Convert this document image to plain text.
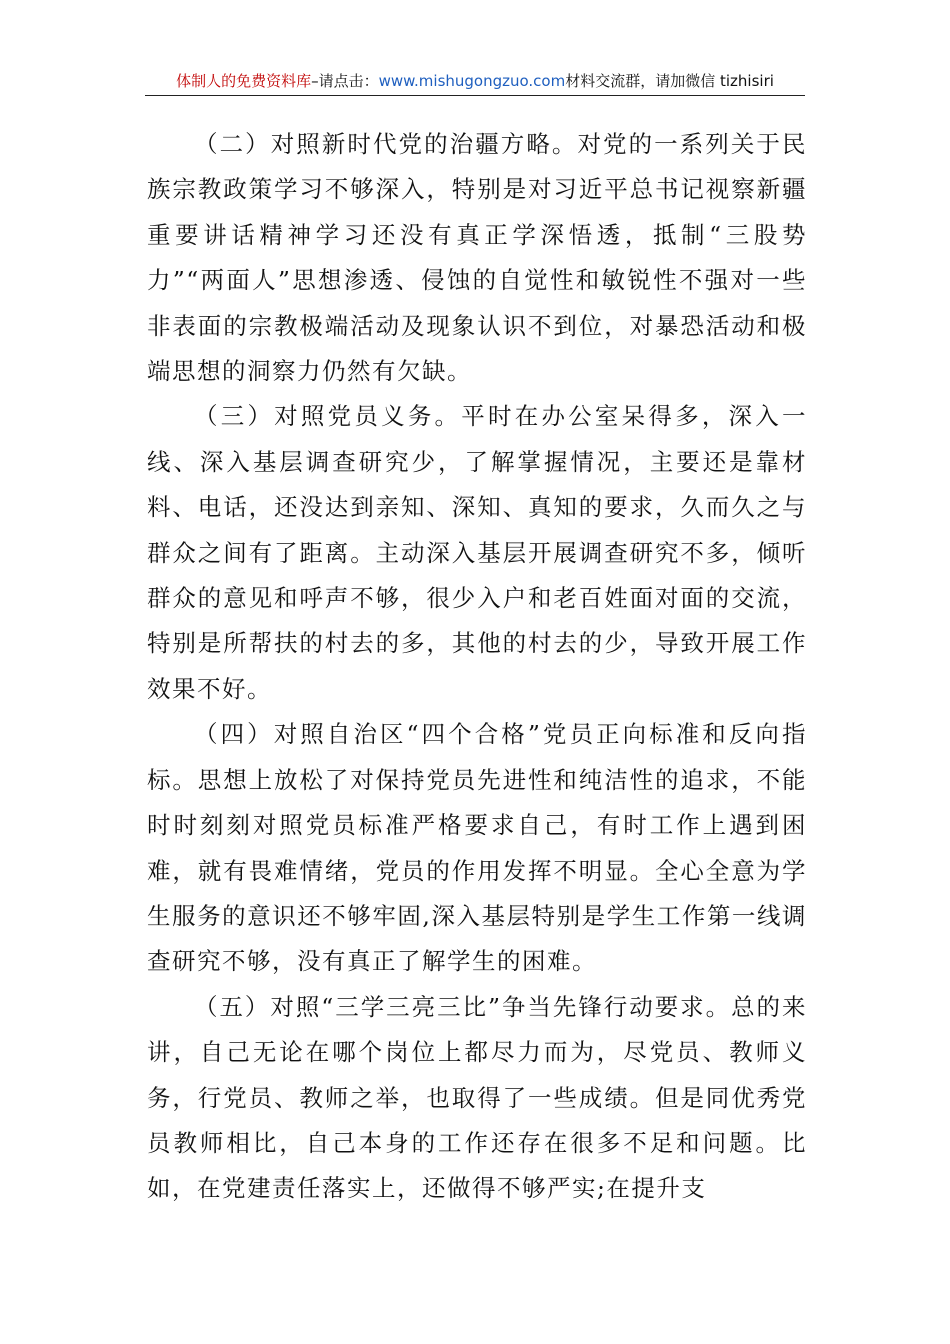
体制人的免费资料库–请点击：www.mishugongzuo.com材料交流群，请加微信 tizhisiri

（二）对照新时代党的治疆方略。对党的一系列关于民族宗教政策学习不够深入，特别是对习近平总书记视察新疆重要讲话精神学习还没有真正学深悟透，抵制“三股势力”“两面人”思想渗透、侵蚀的自觉性和敏锐性不强对一些非表面的宗教极端活动及现象认识不到位，对暴恐活动和极端思想的洞察力仍然有欠缺。

（三）对照党员义务。平时在办公室呆得多，深入一线、深入基层调查研究少，了解掌握情况，主要还是靠材料、电话，还没达到亲知、深知、真知的要求，久而久之与群众之间有了距离。主动深入基层开展调查研究不多，倾听群众的意见和呼声不够，很少入户和老百姓面对面的交流，特别是所帮扶的村去的多，其他的村去的少，导致开展工作效果不好。

（四）对照自治区“四个合格”党员正向标准和反向指标。思想上放松了对保持党员先进性和纯洁性的追求，不能时时刻刻对照党员标准严格要求自己，有时工作上遇到困难，就有畏难情绪，党员的作用发挥不明显。全心全意为学生服务的意识还不够牢固,深入基层特别是学生工作第一线调查研究不够，没有真正了解学生的困难。

（五）对照“三学三亮三比”争当先锋行动要求。总的来讲，自己无论在哪个岗位上都尽力而为，尽党员、教师义务，行党员、教师之举，也取得了一些成绩。但是同优秀党员教师相比，自己本身的工作还存在很多不足和问题。比如，在党建责任落实上，还做得不够严实;在提升支
